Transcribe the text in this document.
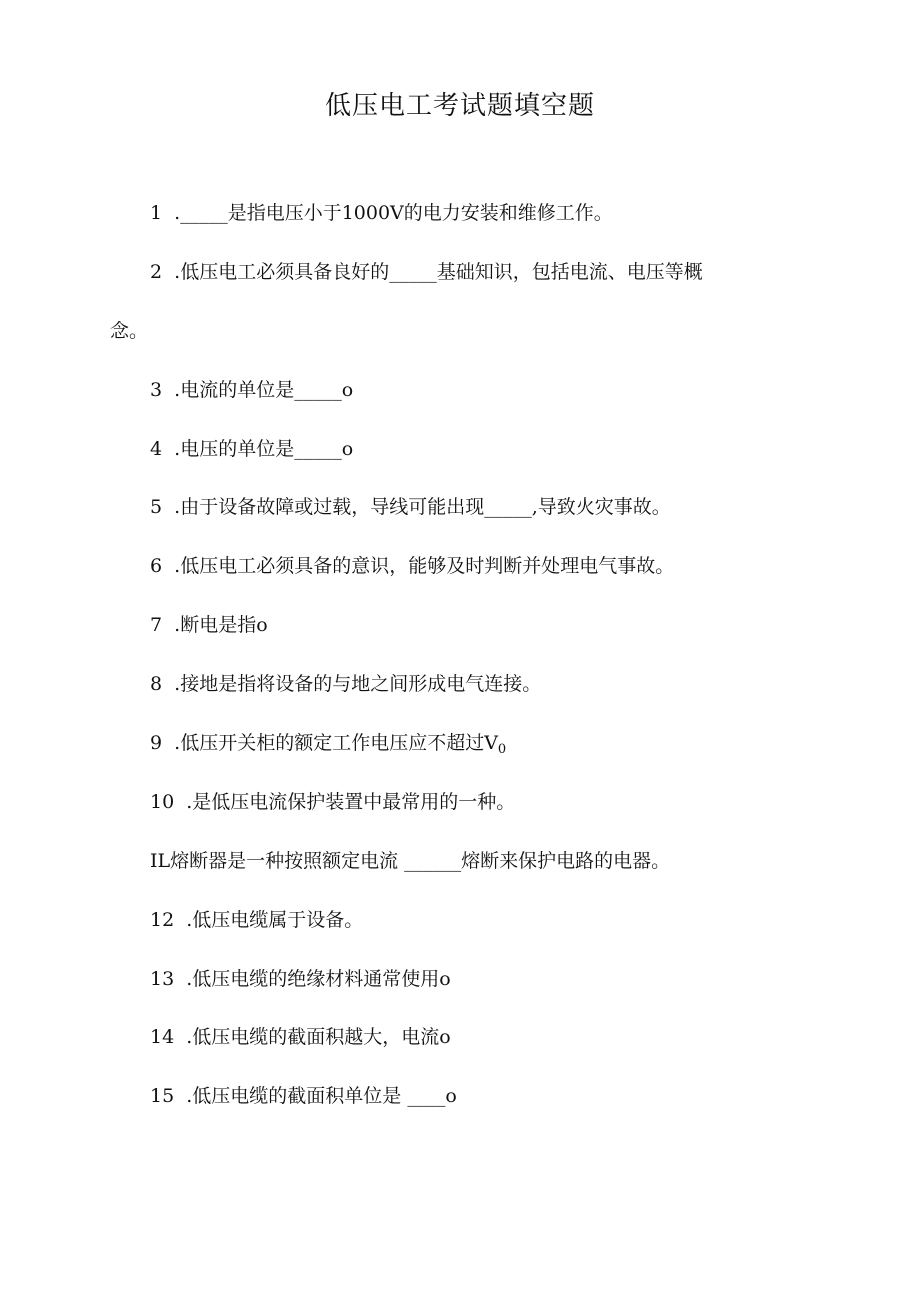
低压电工考试题填空题
1 ._____是指电压小于1000V的电力安装和维修工作。
2 .低压电工必须具备良好的_____基础知识，包括电流、电压等概
念。
3 .电流的单位是_____o
4 .电压的单位是_____o
5 .由于设备故障或过载，导线可能出现_____,导致火灾事故。
6 .低压电工必须具备的意识，能够及时判断并处理电气事故。
7 .断电是指o
8 .接地是指将设备的与地之间形成电气连接。
9 .低压开关柜的额定工作电压应不超过$V_0$
10 .是低压电流保护装置中最常用的一种。
IL熔断器是一种按照额定电流 ______熔断来保护电路的电器。
12 .低压电缆属于设备。
13 .低压电缆的绝缘材料通常使用o
14 .低压电缆的截面积越大，电流o
15 .低压电缆的截面积单位是 ____o
